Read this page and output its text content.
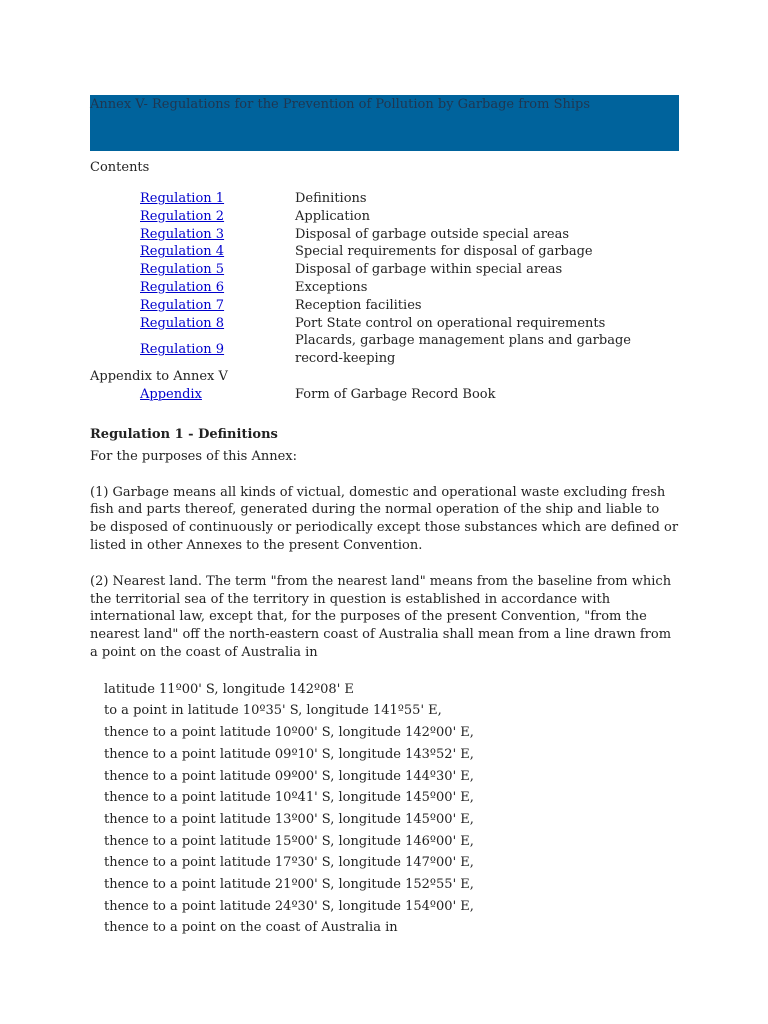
Annex V- Regulations for the Prevention of Pollution by Garbage from Ships
Contents
	Regulation 1	Definitions
	Regulation 2	Application
	Regulation 3	Disposal of garbage outside special areas
	Regulation 4	Special requirements for disposal of garbage
	Regulation 5	Disposal of garbage within special areas
	Regulation 6	Exceptions
	Regulation 7	Reception facilities
	Regulation 8	Port State control on operational requirements
	Regulation 9	Placards, garbage management plans and garbage record-keeping
Appendix to Annex V
	Appendix	Form of Garbage Record Book
Regulation 1 - Definitions

For the purposes of this Annex:

(1) Garbage means all kinds of victual, domestic and operational waste excluding fresh fish and parts thereof, generated during the normal operation of the ship and liable to be disposed of continuously or periodically except those substances which are defined or listed in other Annexes to the present Convention.

(2) Nearest land. The term "from the nearest land" means from the baseline from which the territorial sea of the territory in question is established in accordance with international law, except that, for the purposes of the present Convention, "from the nearest land" off the north-eastern coast of Australia shall mean from a line drawn from a point on the coast of Australia in

latitude 11º00' S, longitude 142º08' E
to a point in latitude 10º35' S, longitude 141º55' E,
thence to a point latitude 10º00' S, longitude 142º00' E,
thence to a point latitude 09º10' S, longitude 143º52' E,
thence to a point latitude 09º00' S, longitude 144º30' E,
thence to a point latitude 10º41' S, longitude 145º00' E,
thence to a point latitude 13º00' S, longitude 145º00' E,
thence to a point latitude 15º00' S, longitude 146º00' E,
thence to a point latitude 17º30' S, longitude 147º00' E,
thence to a point latitude 21º00' S, longitude 152º55' E,
thence to a point latitude 24º30' S, longitude 154º00' E,
thence to a point on the coast of Australia in
